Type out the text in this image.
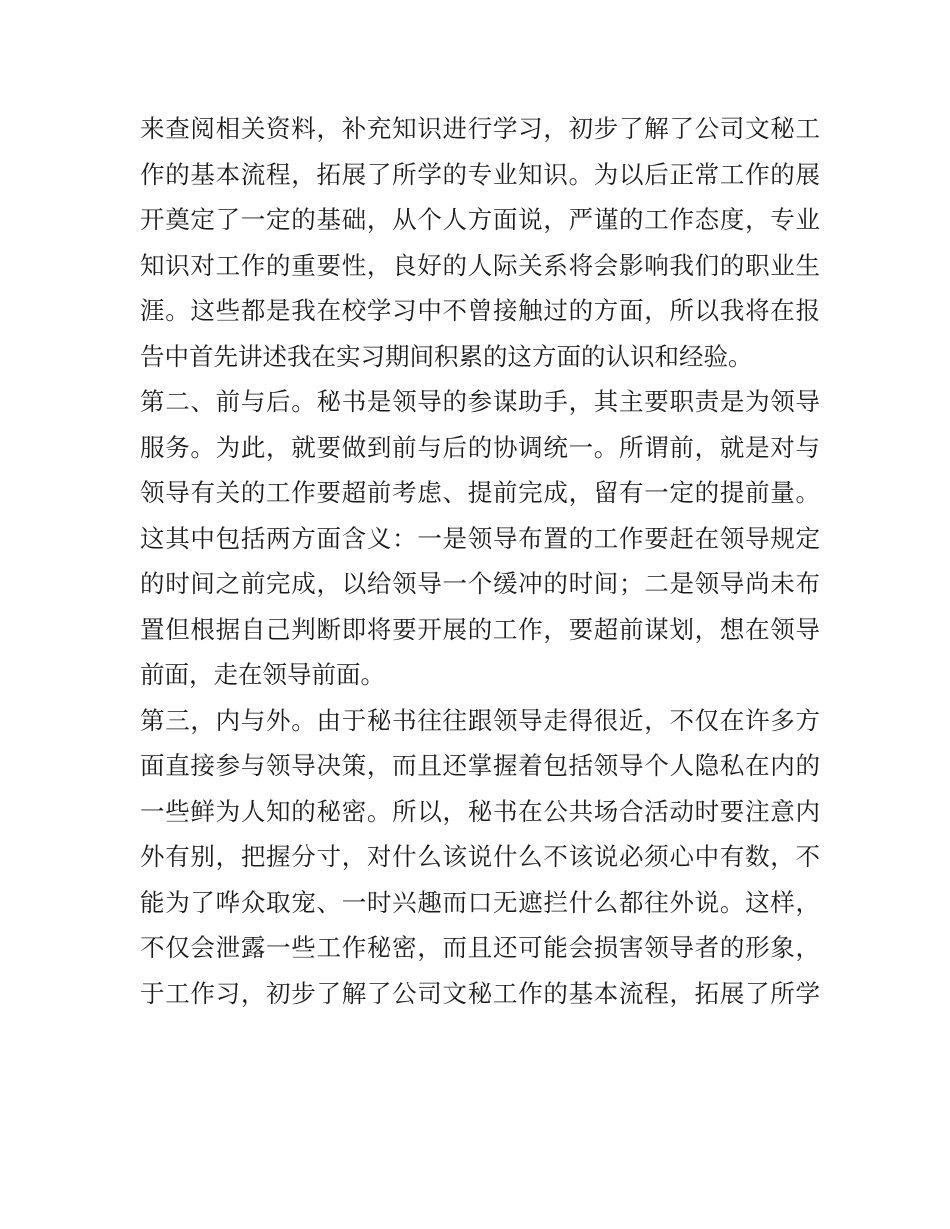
来查阅相关资料，补充知识进行学习，初步了解了公司文秘工
作的基本流程，拓展了所学的专业知识。为以后正常工作的展
开奠定了一定的基础，从个人方面说，严谨的工作态度，专业
知识对工作的重要性，良好的人际关系将会影响我们的职业生
涯。这些都是我在校学习中不曾接触过的方面，所以我将在报
告中首先讲述我在实习期间积累的这方面的认识和经验。
第二、前与后。秘书是领导的参谋助手，其主要职责是为领导
服务。为此，就要做到前与后的协调统一。所谓前，就是对与
领导有关的工作要超前考虑、提前完成，留有一定的提前量。
这其中包括两方面含义：一是领导布置的工作要赶在领导规定
的时间之前完成，以给领导一个缓冲的时间；二是领导尚未布
置但根据自己判断即将要开展的工作，要超前谋划，想在领导
前面，走在领导前面。
第三，内与外。由于秘书往往跟领导走得很近，不仅在许多方
面直接参与领导决策，而且还掌握着包括领导个人隐私在内的
一些鲜为人知的秘密。所以，秘书在公共场合活动时要注意内
外有别，把握分寸，对什么该说什么不该说必须心中有数，不
能为了哗众取宠、一时兴趣而口无遮拦什么都往外说。这样，
不仅会泄露一些工作秘密，而且还可能会损害领导者的形象，
于工作习，初步了解了公司文秘工作的基本流程，拓展了所学
